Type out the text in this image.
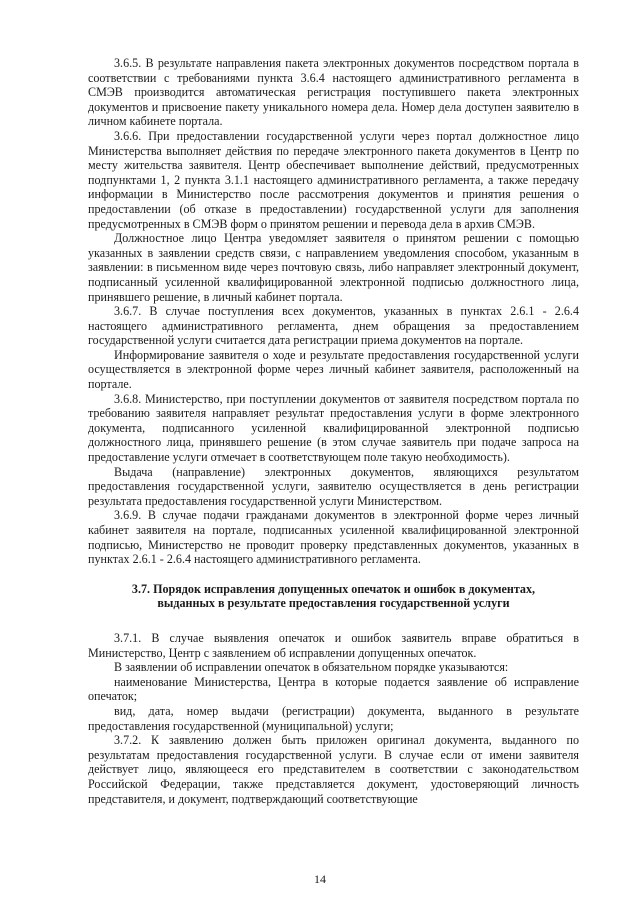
3.6.5. В результате направления пакета электронных документов посредством портала в соответствии с требованиями пункта 3.6.4 настоящего административного регламента в СМЭВ производится автоматическая регистрация поступившего пакета электронных документов и присвоение пакету уникального номера дела. Номер дела доступен заявителю в личном кабинете портала.

3.6.6. При предоставлении государственной услуги через портал должностное лицо Министерства выполняет действия по передаче электронного пакета документов в Центр по месту жительства заявителя. Центр обеспечивает выполнение действий, предусмотренных подпунктами 1, 2 пункта 3.1.1 настоящего административного регламента, а также передачу информации в Министерство после рассмотрения документов и принятия решения о предоставлении (об отказе в предоставлении) государственной услуги для заполнения предусмотренных в СМЭВ форм о принятом решении и перевода дела в архив СМЭВ.

Должностное лицо Центра уведомляет заявителя о принятом решении с помощью указанных в заявлении средств связи, с направлением уведомления способом, указанным в заявлении: в письменном виде через почтовую связь, либо направляет электронный документ, подписанный усиленной квалифицированной электронной подписью должностного лица, принявшего решение, в личный кабинет портала.

3.6.7. В случае поступления всех документов, указанных в пунктах 2.6.1 - 2.6.4 настоящего административного регламента, днем обращения за предоставлением государственной услуги считается дата регистрации приема документов на портале.

Информирование заявителя о ходе и результате предоставления государственной услуги осуществляется в электронной форме через личный кабинет заявителя, расположенный на портале.

3.6.8. Министерство, при поступлении документов от заявителя посредством портала по требованию заявителя направляет результат предоставления услуги в форме электронного документа, подписанного усиленной квалифицированной электронной подписью должностного лица, принявшего решение (в этом случае заявитель при подаче запроса на предоставление услуги отмечает в соответствующем поле такую необходимость).

Выдача (направление) электронных документов, являющихся результатом предоставления государственной услуги, заявителю осуществляется в день регистрации результата предоставления государственной услуги Министерством.

3.6.9. В случае подачи гражданами документов в электронной форме через личный кабинет заявителя на портале, подписанных усиленной квалифицированной электронной подписью, Министерство не проводит проверку представленных документов, указанных в пунктах 2.6.1 - 2.6.4 настоящего административного регламента.

3.7. Порядок исправления допущенных опечаток и ошибок в документах,
выданных в результате предоставления государственной услуги

3.7.1. В случае выявления опечаток и ошибок заявитель вправе обратиться в Министерство, Центр с заявлением об исправлении допущенных опечаток.

В заявлении об исправлении опечаток в обязательном порядке указываются:

наименование Министерства, Центра в которые подается заявление об исправление опечаток;

вид, дата, номер выдачи (регистрации) документа, выданного в результате предоставления государственной (муниципальной) услуги;

3.7.2. К заявлению должен быть приложен оригинал документа, выданного по результатам предоставления государственной услуги. В случае если от имени заявителя действует лицо, являющееся его представителем в соответствии с законодательством Российской Федерации, также представляется документ, удостоверяющий личность представителя, и документ, подтверждающий соответствующие

14
